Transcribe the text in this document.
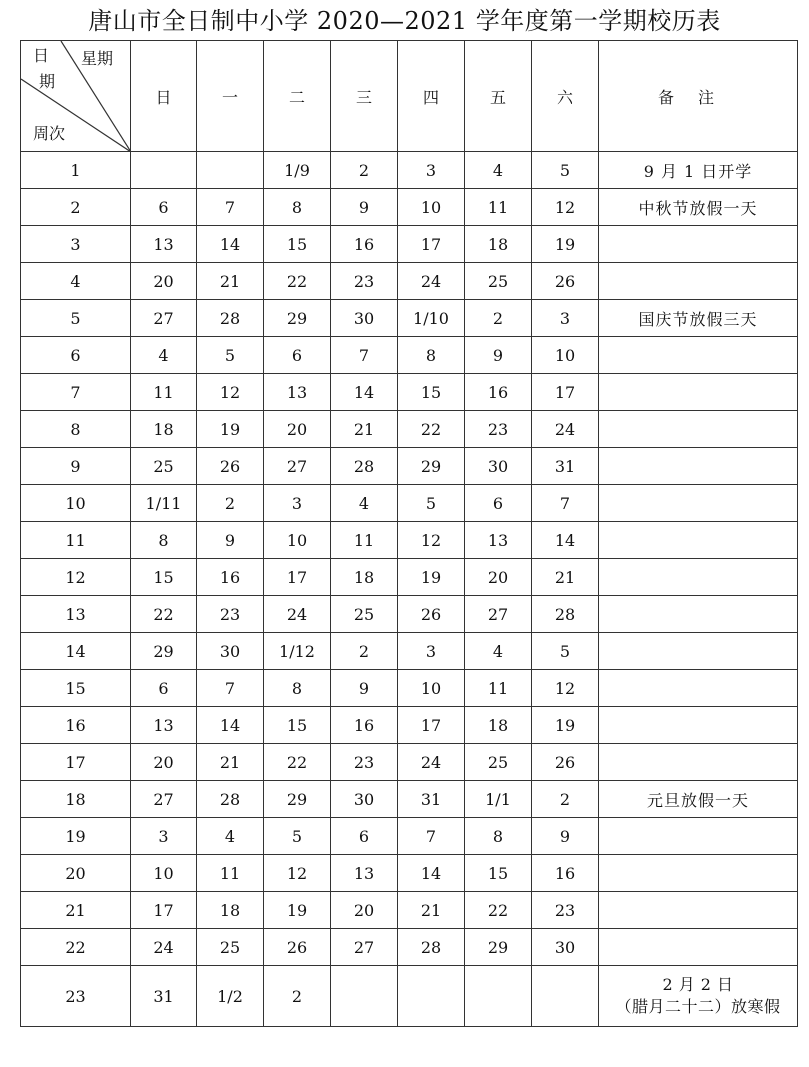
唐山市全日制中小学 2020—2021 学年度第一学期校历表
日
期
星期
周次	日	一	二	三	四	五	六	备注
1			1/9	2	3	4	5	9 月 1 日开学
2	6	7	8	9	10	11	12	中秋节放假一天
3	13	14	15	16	17	18	19	
4	20	21	22	23	24	25	26	
5	27	28	29	30	1/10	2	3	国庆节放假三天
6	4	5	6	7	8	9	10	
7	11	12	13	14	15	16	17	
8	18	19	20	21	22	23	24	
9	25	26	27	28	29	30	31	
10	1/11	2	3	4	5	6	7	
11	8	9	10	11	12	13	14	
12	15	16	17	18	19	20	21	
13	22	23	24	25	26	27	28	
14	29	30	1/12	2	3	4	5	
15	6	7	8	9	10	11	12	
16	13	14	15	16	17	18	19	
17	20	21	22	23	24	25	26	
18	27	28	29	30	31	1/1	2	元旦放假一天
19	3	4	5	6	7	8	9	
20	10	11	12	13	14	15	16	
21	17	18	19	20	21	22	23	
22	24	25	26	27	28	29	30	
23	31	1/2	2					2 月 2 日
（腊月二十二）放寒假
